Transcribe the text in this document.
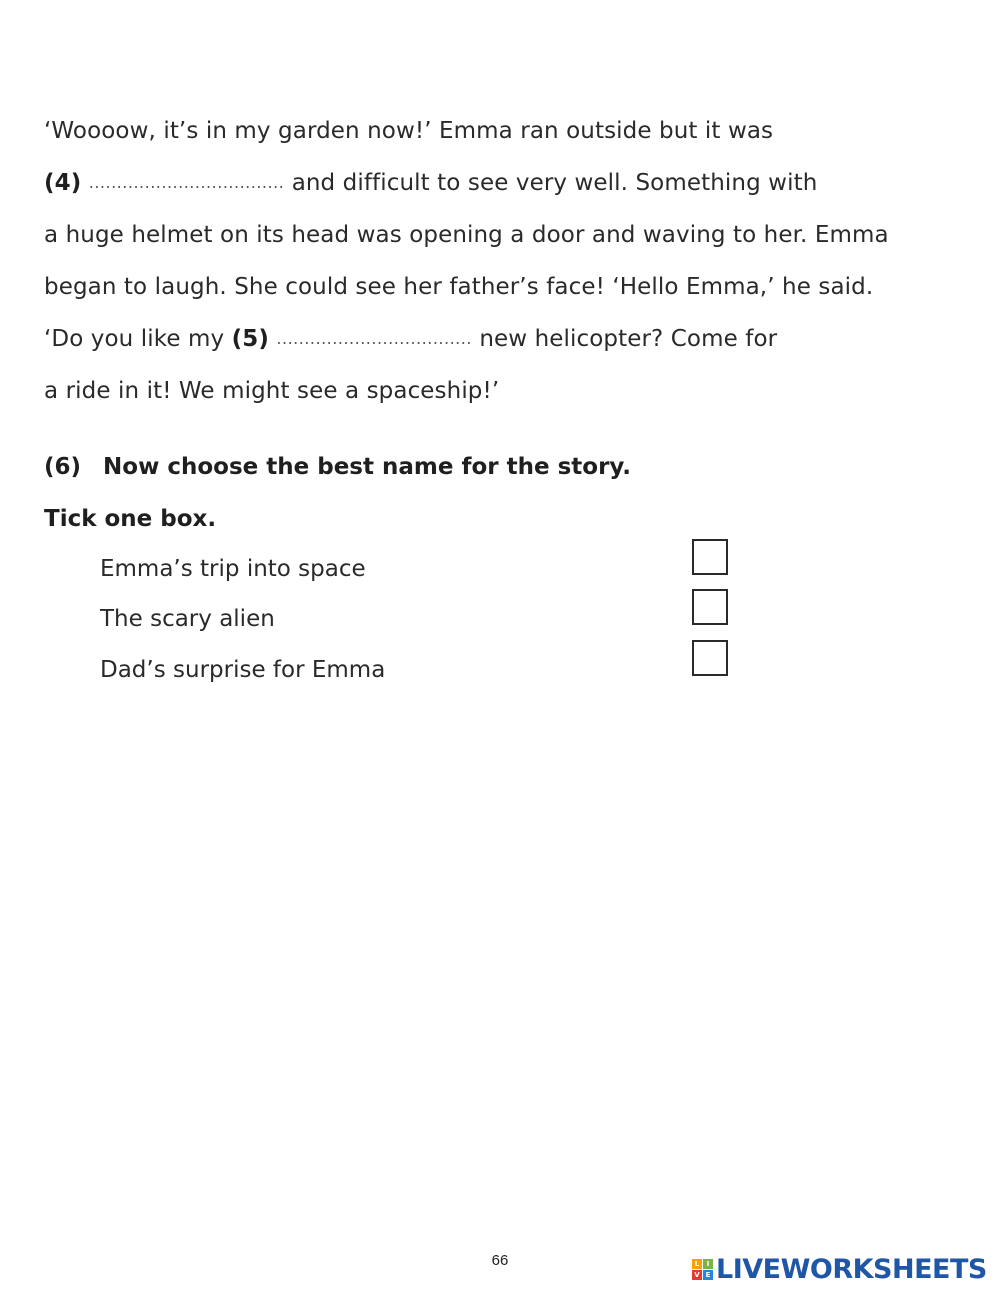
‘Woooow, it’s in my garden now!’ Emma ran outside but it was
(4) ................................... and difficult to see very well. Something with
a huge helmet on its head was opening a door and waving to her. Emma
began to laugh. She could see her father’s face! ‘Hello Emma,’ he said.
‘Do you like my (5) ................................... new helicopter? Come for
a ride in it! We might see a spaceship!’
(6) Now choose the best name for the story.
Tick one box.
Emma’s trip into space
The scary alien
Dad’s surprise for Emma
66	L	I
V E LIVEWORKSHEETS
